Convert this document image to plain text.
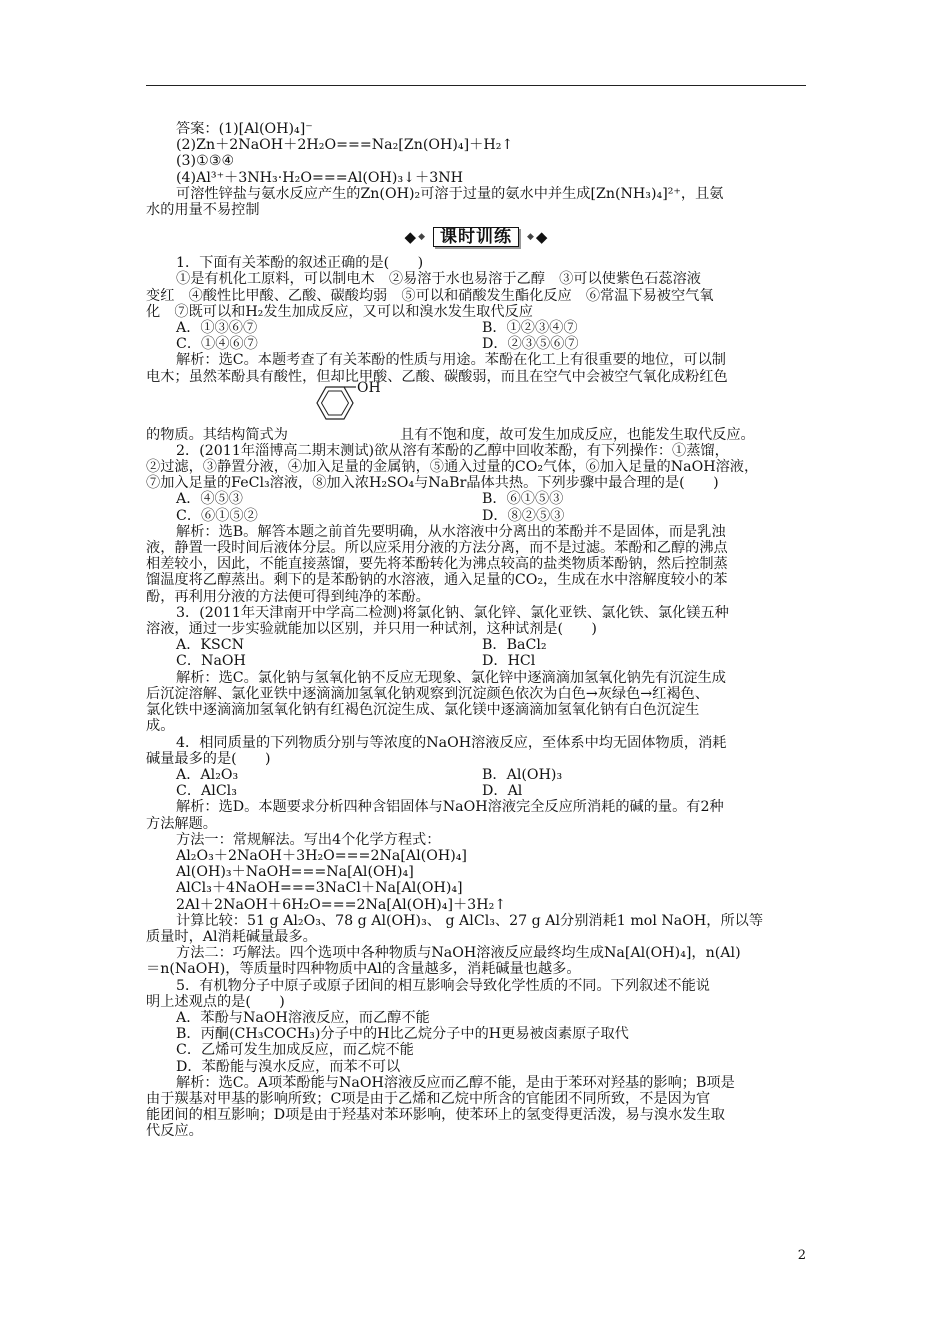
答案：(1)[Al(OH)₄]⁻
(2)Zn＋2NaOH＋2H₂O===Na₂[Zn(OH)₄]＋H₂↑
(3)①③④
(4)Al³⁺＋3NH₃·H₂O===Al(OH)₃↓＋3NH
可溶性锌盐与氨水反应产生的Zn(OH)₂可溶于过量的氨水中并生成[Zn(NH₃)₄]²⁺，且氨
水的用量不易控制
◆ ◆ 课时训练	◆ ◆
1．下面有关苯酚的叙述正确的是(　　)
①是有机化工原料，可以制电木　②易溶于水也易溶于乙醇　③可以使紫色石蕊溶液
变红　④酸性比甲酸、乙酸、碳酸均弱　⑤可以和硝酸发生酯化反应　⑥常温下易被空气氧
化　⑦既可以和H₂发生加成反应，又可以和溴水发生取代反应
A．①③⑥⑦	B．①②③④⑦
C．①④⑥⑦	D．②③⑤⑥⑦
解析：选C。本题考查了有关苯酚的性质与用途。苯酚在化工上有很重要的地位，可以制
电木；虽然苯酚具有酸性，但却比甲酸、乙酸、碳酸弱，而且在空气中会被空气氧化成粉红色
的物质。其结构简式为
OH
且有不饱和度，故可发生加成反应，也能发生取代反应。
2．(2011年淄博高二期末测试)欲从溶有苯酚的乙醇中回收苯酚，有下列操作：①蒸馏，
②过滤，③静置分液，④加入足量的金属钠，⑤通入过量的CO₂气体，⑥加入足量的NaOH溶液，
⑦加入足量的FeCl₃溶液，⑧加入浓H₂SO₄与NaBr晶体共热。下列步骤中最合理的是(　　)
A．④⑤③	B．⑥①⑤③
C．⑥①⑤②	D．⑧②⑤③
解析：选B。解答本题之前首先要明确，从水溶液中分离出的苯酚并不是固体，而是乳浊
液，静置一段时间后液体分层。所以应采用分液的方法分离，而不是过滤。苯酚和乙醇的沸点
相差较小，因此，不能直接蒸馏，要先将苯酚转化为沸点较高的盐类物质苯酚钠，然后控制蒸
馏温度将乙醇蒸出。剩下的是苯酚钠的水溶液，通入足量的CO₂，生成在水中溶解度较小的苯
酚，再利用分液的方法便可得到纯净的苯酚。
3．(2011年天津南开中学高二检测)将氯化钠、氯化锌、氯化亚铁、氯化铁、氯化镁五种
溶液，通过一步实验就能加以区别，并只用一种试剂，这种试剂是(　　)
A．KSCN	B．BaCl₂
C．NaOH	D．HCl
解析：选C。氯化钠与氢氧化钠不反应无现象、氯化锌中逐滴滴加氢氧化钠先有沉淀生成
后沉淀溶解、氯化亚铁中逐滴滴加氢氧化钠观察到沉淀颜色依次为白色→灰绿色→红褐色、
氯化铁中逐滴滴加氢氧化钠有红褐色沉淀生成、氯化镁中逐滴滴加氢氧化钠有白色沉淀生
成。
4．相同质量的下列物质分别与等浓度的NaOH溶液反应，至体系中均无固体物质，消耗
碱量最多的是(　　)
A．Al₂O₃	B．Al(OH)₃
C．AlCl₃	D．Al
解析：选D。本题要求分析四种含铝固体与NaOH溶液完全反应所消耗的碱的量。有2种
方法解题。
方法一：常规解法。写出4个化学方程式：
Al₂O₃＋2NaOH＋3H₂O===2Na[Al(OH)₄]
Al(OH)₃＋NaOH===Na[Al(OH)₄]
AlCl₃＋4NaOH===3NaCl＋Na[Al(OH)₄]
2Al＋2NaOH＋6H₂O===2Na[Al(OH)₄]＋3H₂↑
计算比较：51 g Al₂O₃、78 g Al(OH)₃、 g AlCl₃、27 g Al分别消耗1 mol NaOH，所以等
质量时，Al消耗碱量最多。
方法二：巧解法。四个选项中各种物质与NaOH溶液反应最终均生成Na[Al(OH)₄]，n(Al)
＝n(NaOH)，等质量时四种物质中Al的含量越多，消耗碱量也越多。
5．有机物分子中原子或原子团间的相互影响会导致化学性质的不同。下列叙述不能说
明上述观点的是(　　)
A．苯酚与NaOH溶液反应，而乙醇不能
B．丙酮(CH₃COCH₃)分子中的H比乙烷分子中的H更易被卤素原子取代
C．乙烯可发生加成反应，而乙烷不能
D．苯酚能与溴水反应，而苯不可以
解析：选C。A项苯酚能与NaOH溶液反应而乙醇不能，是由于苯环对羟基的影响；B项是
由于羰基对甲基的影响所致；C项是由于乙烯和乙烷中所含的官能团不同所致，不是因为官
能团间的相互影响；D项是由于羟基对苯环影响，使苯环上的氢变得更活泼，易与溴水发生取
代反应。
2
